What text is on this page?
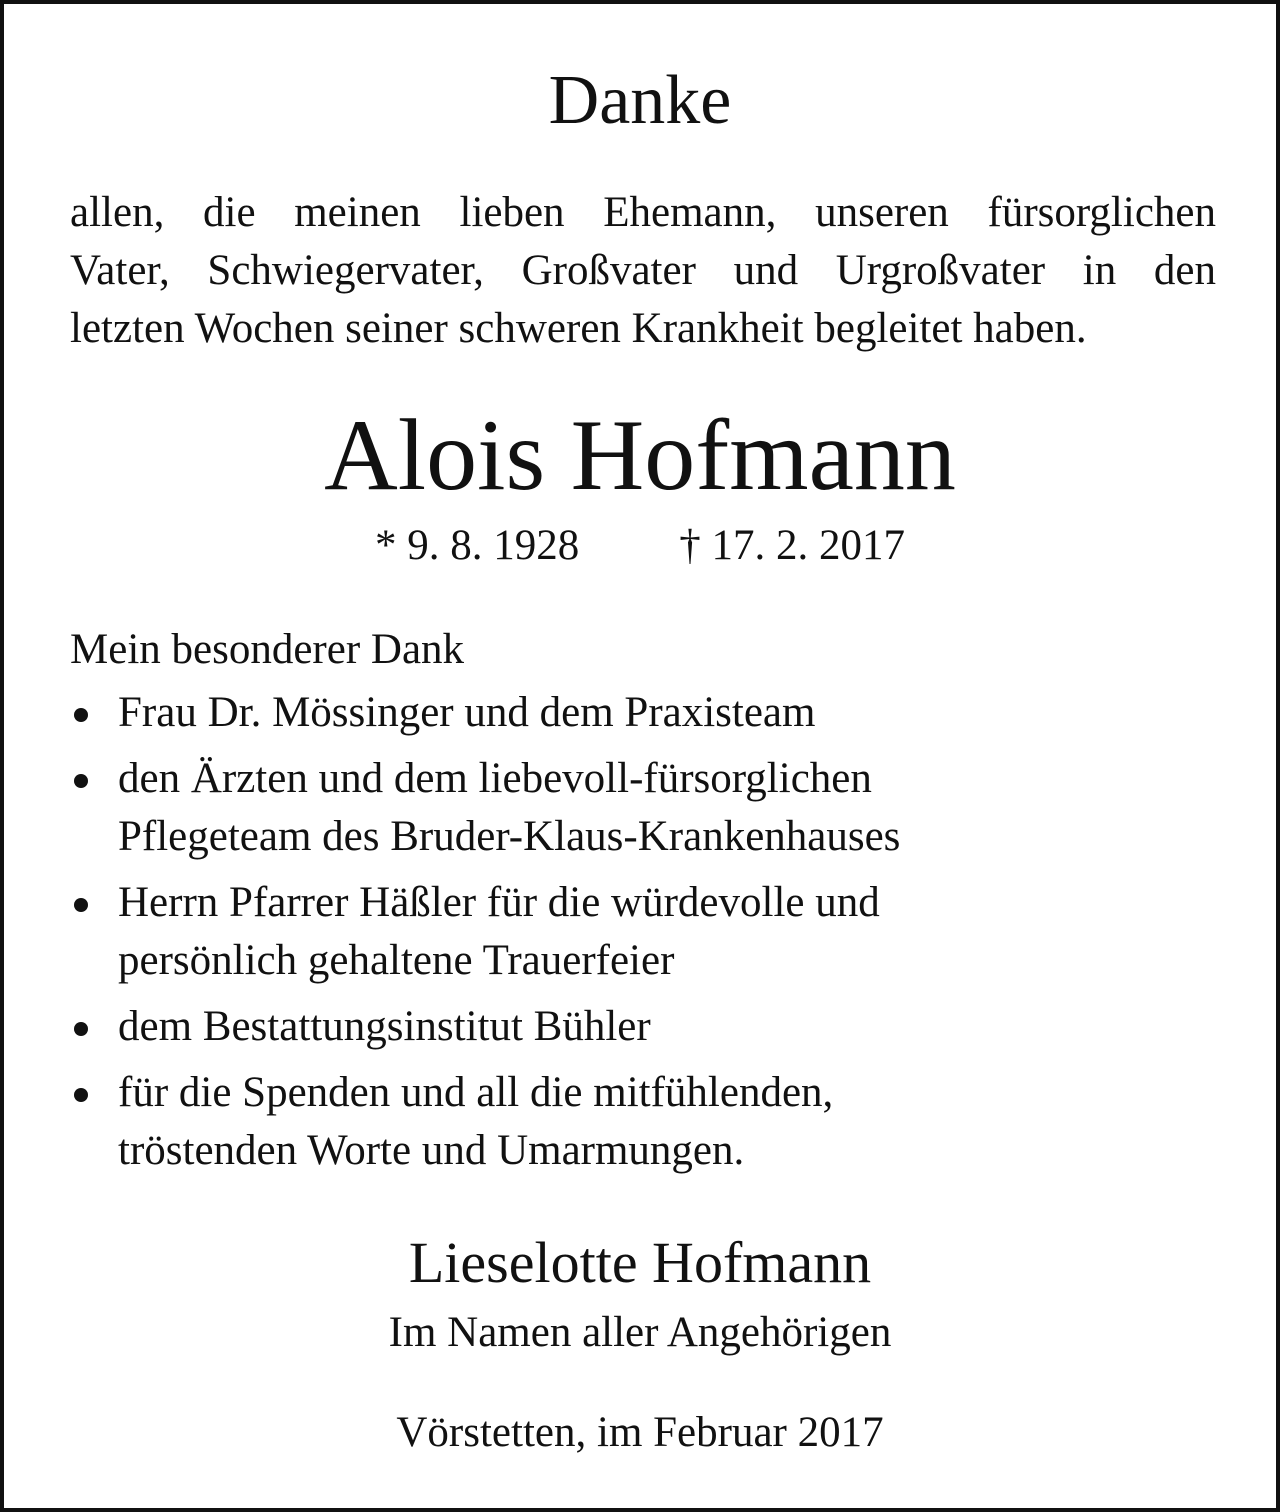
Danke
allen, die meinen lieben Ehemann, unseren fürsorglichen
Vater, Schwiegervater, Großvater und Urgroßvater in den
letzten Wochen seiner schweren Krankheit begleitet haben.
Alois Hofmann
* 9. 8. 1928 † 17. 2. 2017
Mein besonderer Dank
Frau Dr. Mössinger und dem Praxisteam
den Ärzten und dem liebevoll-fürsorglichen
Pflegeteam des Bruder-Klaus-Krankenhauses
Herrn Pfarrer Häßler für die würdevolle und
persönlich gehaltene Trauerfeier
dem Bestattungsinstitut Bühler
für die Spenden und all die mitfühlenden,
tröstenden Worte und Umarmungen.
Lieselotte Hofmann
Im Namen aller Angehörigen
Vörstetten, im Februar 2017
